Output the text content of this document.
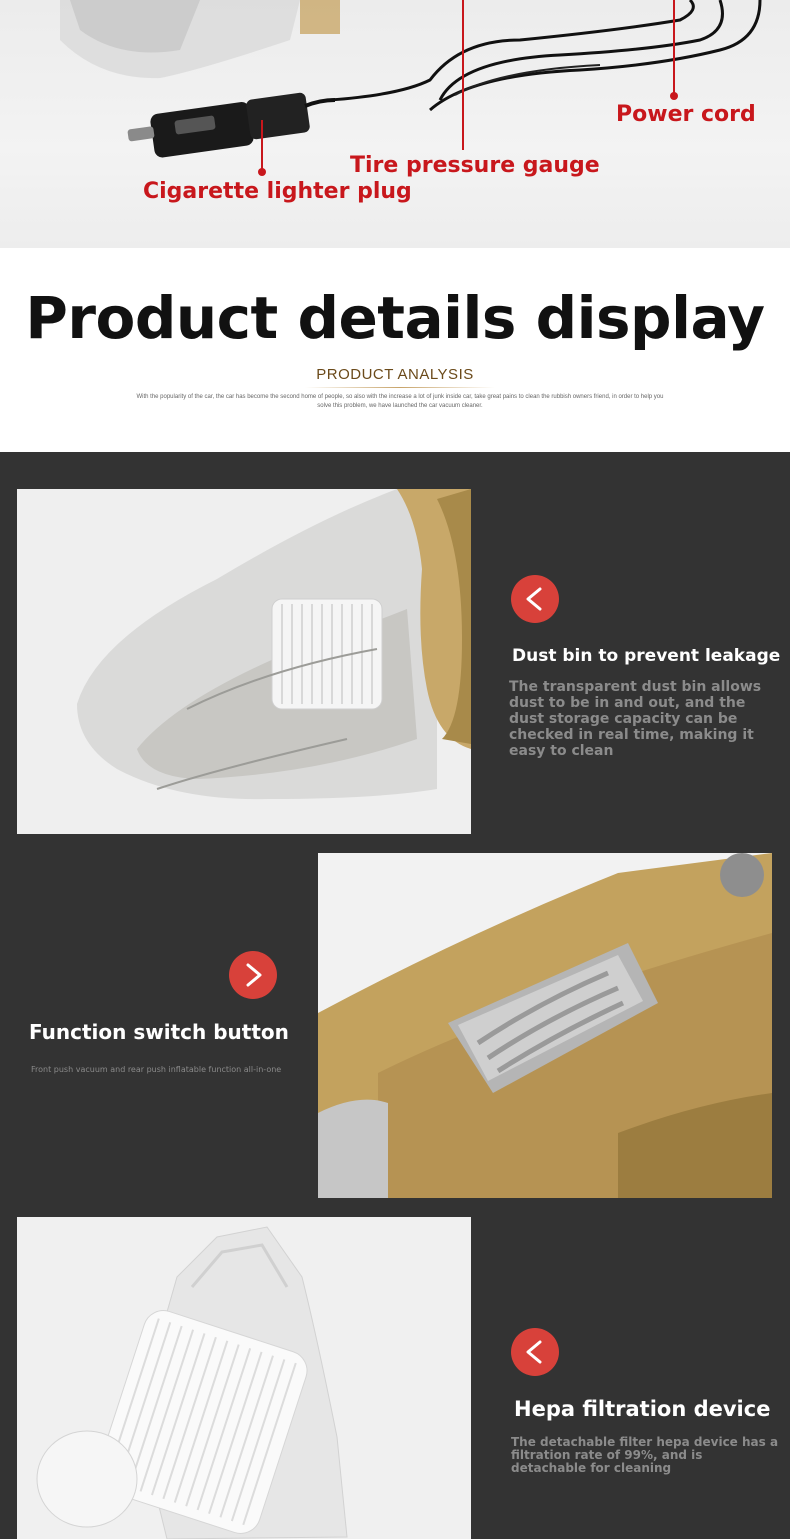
Power cord
Tire pressure gauge
Cigarette lighter plug
Product details display
PRODUCT ANALYSIS
With the popularity of the car, the car has become the second home of people, so also with the increase a lot of junk inside car, take great pains to clean the rubbish owners friend, in order to help you solve this problem, we have launched the car vacuum cleaner.
Dust bin to prevent leakage
The transparent dust bin allows dust to be in and out, and the dust storage capacity can be checked in real time, making it easy to clean
Function switch button
Front push vacuum and rear push inflatable function all-in-one
Hepa filtration device
The detachable filter hepa device has a filtration rate of 99%, and is detachable for cleaning
